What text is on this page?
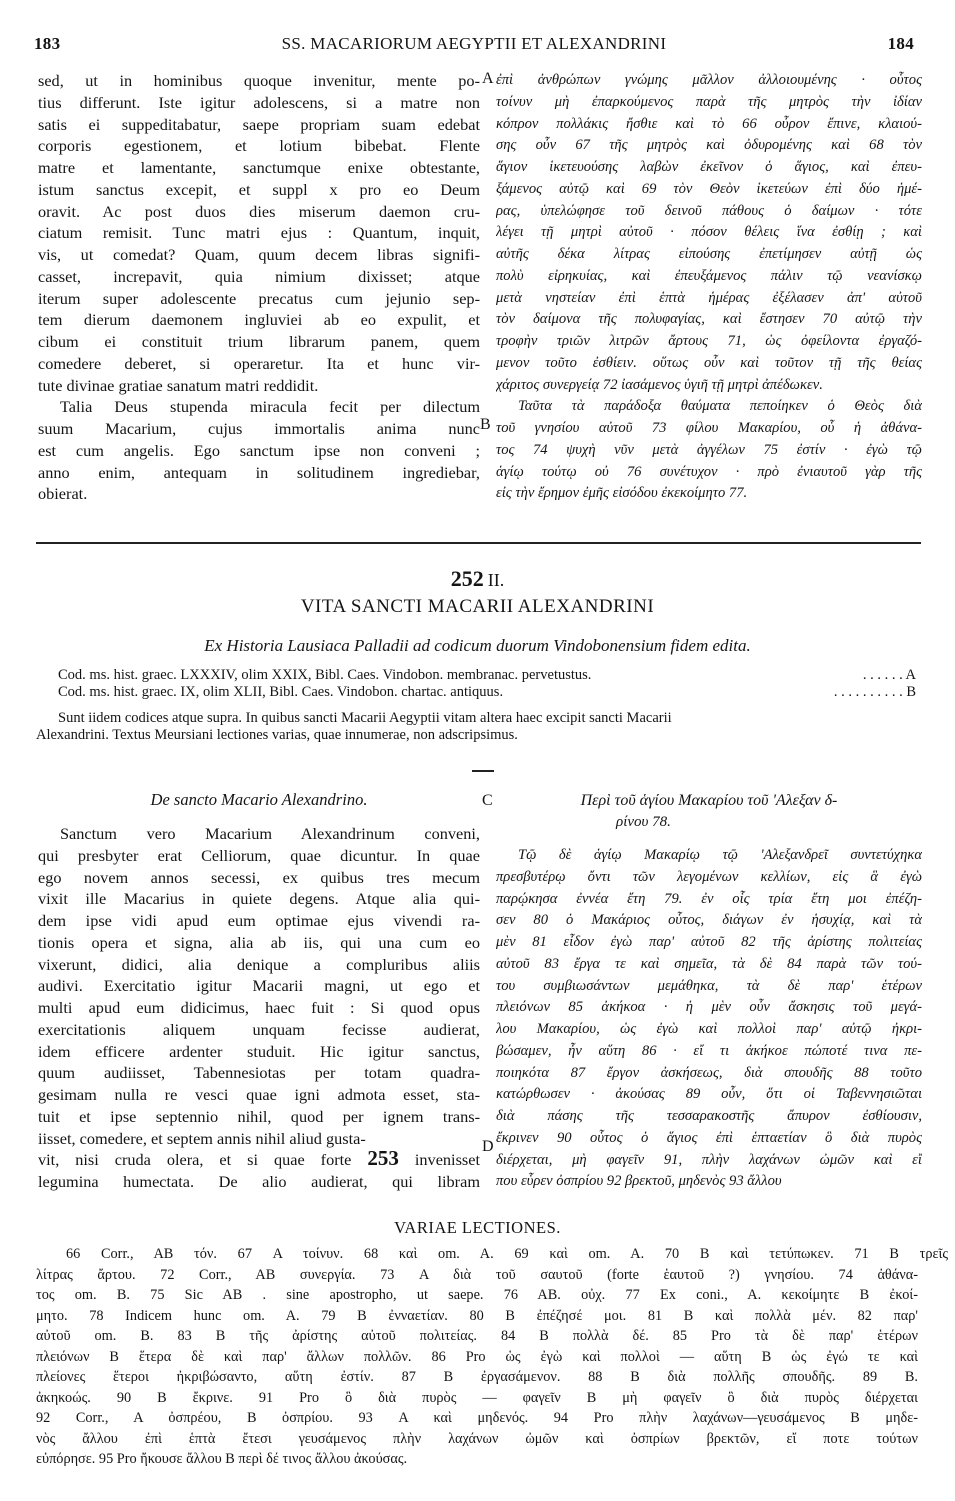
183	SS. MACARIORUM AEGYPTII ET ALEXANDRINI	184
sed, ut in hominibus quoque invenitur, mente po-
tius differunt. Iste igitur adolescens, si a matre non
satis ei suppeditabatur, saepe propriam suam edebat
corporis egestionem, et lotium bibebat. Flente
matre et lamentante, sanctumque enixe obtestante,
istum sanctus excepit, et suppl x pro eo Deum
oravit. Ac post duos dies miserum daemon cru-
ciatum remisit. Tunc matri ejus : Quantum, inquit,
vis, ut comedat? Quam, quum decem libras signifi-
casset, increpavit, quia nimium dixisset; atque
iterum super adolescente precatus cum jejunio sep-
tem dierum daemonem ingluviei ab eo expulit, et
cibum ei constituit trium librarum panem, quem
comedere deberet, si operaretur. Ita et hunc vir-
tute divinae gratiae sanatum matri reddidit.
Talia Deus stupenda miracula fecit per dilectum
suum Macarium, cujus immortalis anima nunc
est cum angelis. Ego sanctum ipse non conveni ;
anno enim, antequam in solitudinem ingrediebar,
obierat.
ἐπὶ ἀνθρώπων γνώμης μᾶλλον ἀλλοιουμένης · οὗτος
τοίνυν μὴ ἐπαρκούμενος παρὰ τῆς μητρὸς τὴν ἰδίαν
κόπρον πολλάκις ἤσθιε καὶ τὸ 66 οὖρον ἔπινε, κλαιού-
σης οὖν 67 τῆς μητρὸς καὶ ὀδυρομένης καὶ 68 τὸν
ἅγιον ἱκετευούσης λαβὼν ἐκεῖνον ὁ ἅγιος, καὶ ἐπευ-
ξάμενος αὐτῷ καὶ 69 τὸν Θεὸν ἱκετεύων ἐπὶ δύο ἡμέ-
ρας, ὑπελώφησε τοῦ δεινοῦ πάθους ὁ δαίμων · τότε
λέγει τῇ μητρὶ αὐτοῦ · πόσον θέλεις ἵνα ἐσθίῃ ; καὶ
αὐτῆς δέκα λίτρας εἰπούσης ἐπετίμησεν αὐτῇ ὡς
πολὺ εἰρηκυίας, καὶ ἐπευξάμενος πάλιν τῷ νεανίσκῳ
μετὰ νηστείαν ἐπὶ ἑπτὰ ἡμέρας ἐξέλασεν ἀπ' αὐτοῦ
τὸν δαίμονα τῆς πολυφαγίας, καὶ ἔστησεν 70 αὐτῷ τὴν
τροφὴν τριῶν λιτρῶν ἄρτους 71, ὡς ὀφείλοντα ἐργαζό-
μενον τοῦτο ἐσθίειν. οὕτως οὖν καὶ τοῦτον τῇ τῆς θείας
χάριτος συνεργείᾳ 72 ἰασάμενος ὑγιῆ τῇ μητρὶ ἀπέδωκεν.
Ταῦτα τὰ παράδοξα θαύματα πεποίηκεν ὁ Θεὸς διὰ
τοῦ γνησίου αὐτοῦ 73 φίλου Μακαρίου, οὗ ἡ ἀθάνα-
τος 74 ψυχὴ νῦν μετὰ ἀγγέλων 75 ἐστίν · ἐγὼ τῷ
ἁγίῳ τούτῳ οὐ 76 συνέτυχον · πρὸ ἐνιαυτοῦ γὰρ τῆς
εἰς τὴν ἔρημον ἐμῆς εἰσόδου ἐκεκοίμητο 77.
A
B
252 II.
VITA SANCTI MACARII ALEXANDRINI
Ex Historia Lausiaca Palladii ad codicum duorum Vindobonensium fidem edita.
Cod. ms. hist. graec. LXXXIV, olim XXIX, Bibl. Caes. Vindobon. membranac. pervetustus.	. . . . . . A
Cod. ms. hist. graec. IX, olim XLII, Bibl. Caes. Vindobon. chartac. antiquus.	. . . . . . . . . . B
Sunt iidem codices atque supra. In quibus sancti Macarii Aegyptii vitam altera haec excipit sancti Macarii
Alexandrini. Textus Meursiani lectiones varias, quae innumerae, non adscripsimus.
De sancto Macario Alexandrino.	C	Περὶ τοῦ ἁγίου Μακαρίου τοῦ 'Αλεξαν δ-
ρίνου 78.
Sanctum vero Macarium Alexandrinum conveni,
qui presbyter erat Celliorum, quae dicuntur. In quae
ego novem annos secessi, ex quibus tres mecum
vixit ille Macarius in quiete degens. Atque alia qui-
dem ipse vidi apud eum optimae ejus vivendi ra-
tionis opera et signa, alia ab iis, qui una cum eo
vixerunt, didici, alia denique a compluribus aliis
audivi. Exercitatio igitur Macarii magni, ut ego et
multi apud eum didicimus, haec fuit : Si quod opus
exercitationis aliquem unquam fecisse audierat,
idem efficere ardenter studuit. Hic igitur sanctus,
quum audiisset, Tabennesiotas per totam quadra-
gesimam nulla re vesci quae igni admota esset, sta-
tuit et ipse septennio nihil, quod per ignem trans-
iisset, comedere, et septem annis nihil aliud gusta-
vit, nisi cruda olera, et si quae forte 253 invenisset
legumina humectata. De alio audierat, qui libram
Τῷ δὲ ἁγίῳ Μακαρίῳ τῷ 'Αλεξανδρεῖ συντετύχηκα
πρεσβυτέρῳ ὄντι τῶν λεγομένων κελλίων, εἰς ἃ ἐγὼ
παρῴκησα ἐννέα ἔτη 79. ἐν οἷς τρία ἔτη μοι ἐπέζη-
σεν 80 ὁ Μακάριος οὗτος, διάγων ἐν ἡσυχίᾳ, καὶ τὰ
μὲν 81 εἶδον ἐγὼ παρ' αὐτοῦ 82 τῆς ἀρίστης πολιτείας
αὐτοῦ 83 ἔργα τε καὶ σημεῖα, τὰ δὲ 84 παρὰ τῶν τού-
του συμβιωσάντων μεμάθηκα, τὰ δὲ παρ' ἑτέρων
πλειόνων 85 ἀκήκοα · ἡ μὲν οὖν ἄσκησις τοῦ μεγά-
λου Μακαρίου, ὡς ἐγὼ καὶ πολλοὶ παρ' αὐτῷ ἠκρι-
βώσαμεν, ἦν αὕτη 86 · εἴ τι ἀκήκοε πώποτέ τινα πε-
ποιηκότα 87 ἔργον ἀσκήσεως, διὰ σπουδῆς 88 τοῦτο
κατώρθωσεν · ἀκούσας 89 οὖν, ὅτι οἱ Ταβεννησιῶται
διὰ πάσης τῆς τεσσαρακοστῆς ἄπυρον ἐσθίουσιν,
ἔκρινεν 90 οὗτος ὁ ἅγιος ἐπὶ ἑπταετίαν ὃ διὰ πυρὸς
διέρχεται, μὴ φαγεῖν 91, πλὴν λαχάνων ὠμῶν καὶ εἴ
που εὗρεν ὀσπρίου 92 βρεκτοῦ, μηδενὸς 93 ἄλλου
D
VARIAE LECTIONES.
66 Corr., AB τόν. 67 A τοίνυν. 68 καὶ om. A. 69 καὶ om. A. 70 B καὶ τετύπωκεν. 71 B τρεῖς
λίτρας ἄρτου. 72 Corr., AB συνεργία. 73 A διὰ τοῦ σαυτοῦ (forte ἑαυτοῦ ?) γνησίου. 74 ἀθάνα-
τος om. B. 75 Sic AB . sine apostropho, ut saepe. 76 AB. οὐχ. 77 Ex coni., A. κεκοίμητε B ἐκοί-
μητο. 78 Indicem hunc om. A. 79 B ἐνναετίαν. 80 B ἐπέζησέ μοι. 81 B καὶ πολλὰ μέν. 82 παρ'
αὐτοῦ om. B. 83 B τῆς ἀρίστης αὐτοῦ πολιτείας. 84 B πολλὰ δέ. 85 Pro τὰ δὲ παρ' ἑτέρων
πλειόνων B ἕτερα δὲ καὶ παρ' ἄλλων πολλῶν. 86 Pro ὡς ἐγὼ καὶ πολλοὶ — αὕτη B ὡς ἐγώ τε καὶ
πλείονες ἕτεροι ἠκριβώσαντο, αὕτη ἐστίν. 87 B ἐργασάμενον. 88 B διὰ πολλῆς σπουδῆς. 89 B.
ἀκηκοώς. 90 B ἔκρινε. 91 Pro ὃ διὰ πυρὸς — φαγεῖν B μὴ φαγεῖν ὃ διὰ πυρὸς διέρχεται
92 Corr., A ὀσπρέου, B ὀσπρίου. 93 A καὶ μηδενός. 94 Pro πλὴν λαχάνων—γευσάμενος B μηδε-
νὸς ἄλλου ἐπὶ ἑπτὰ ἔτεσι γευσάμενος πλὴν λαχάνων ὠμῶν καὶ ὀσπρίων βρεκτῶν, εἴ ποτε τούτων
εὐπόρησε. 95 Pro ἤκουσε ἄλλου B περὶ δέ τινος ἄλλου ἀκούσας.
